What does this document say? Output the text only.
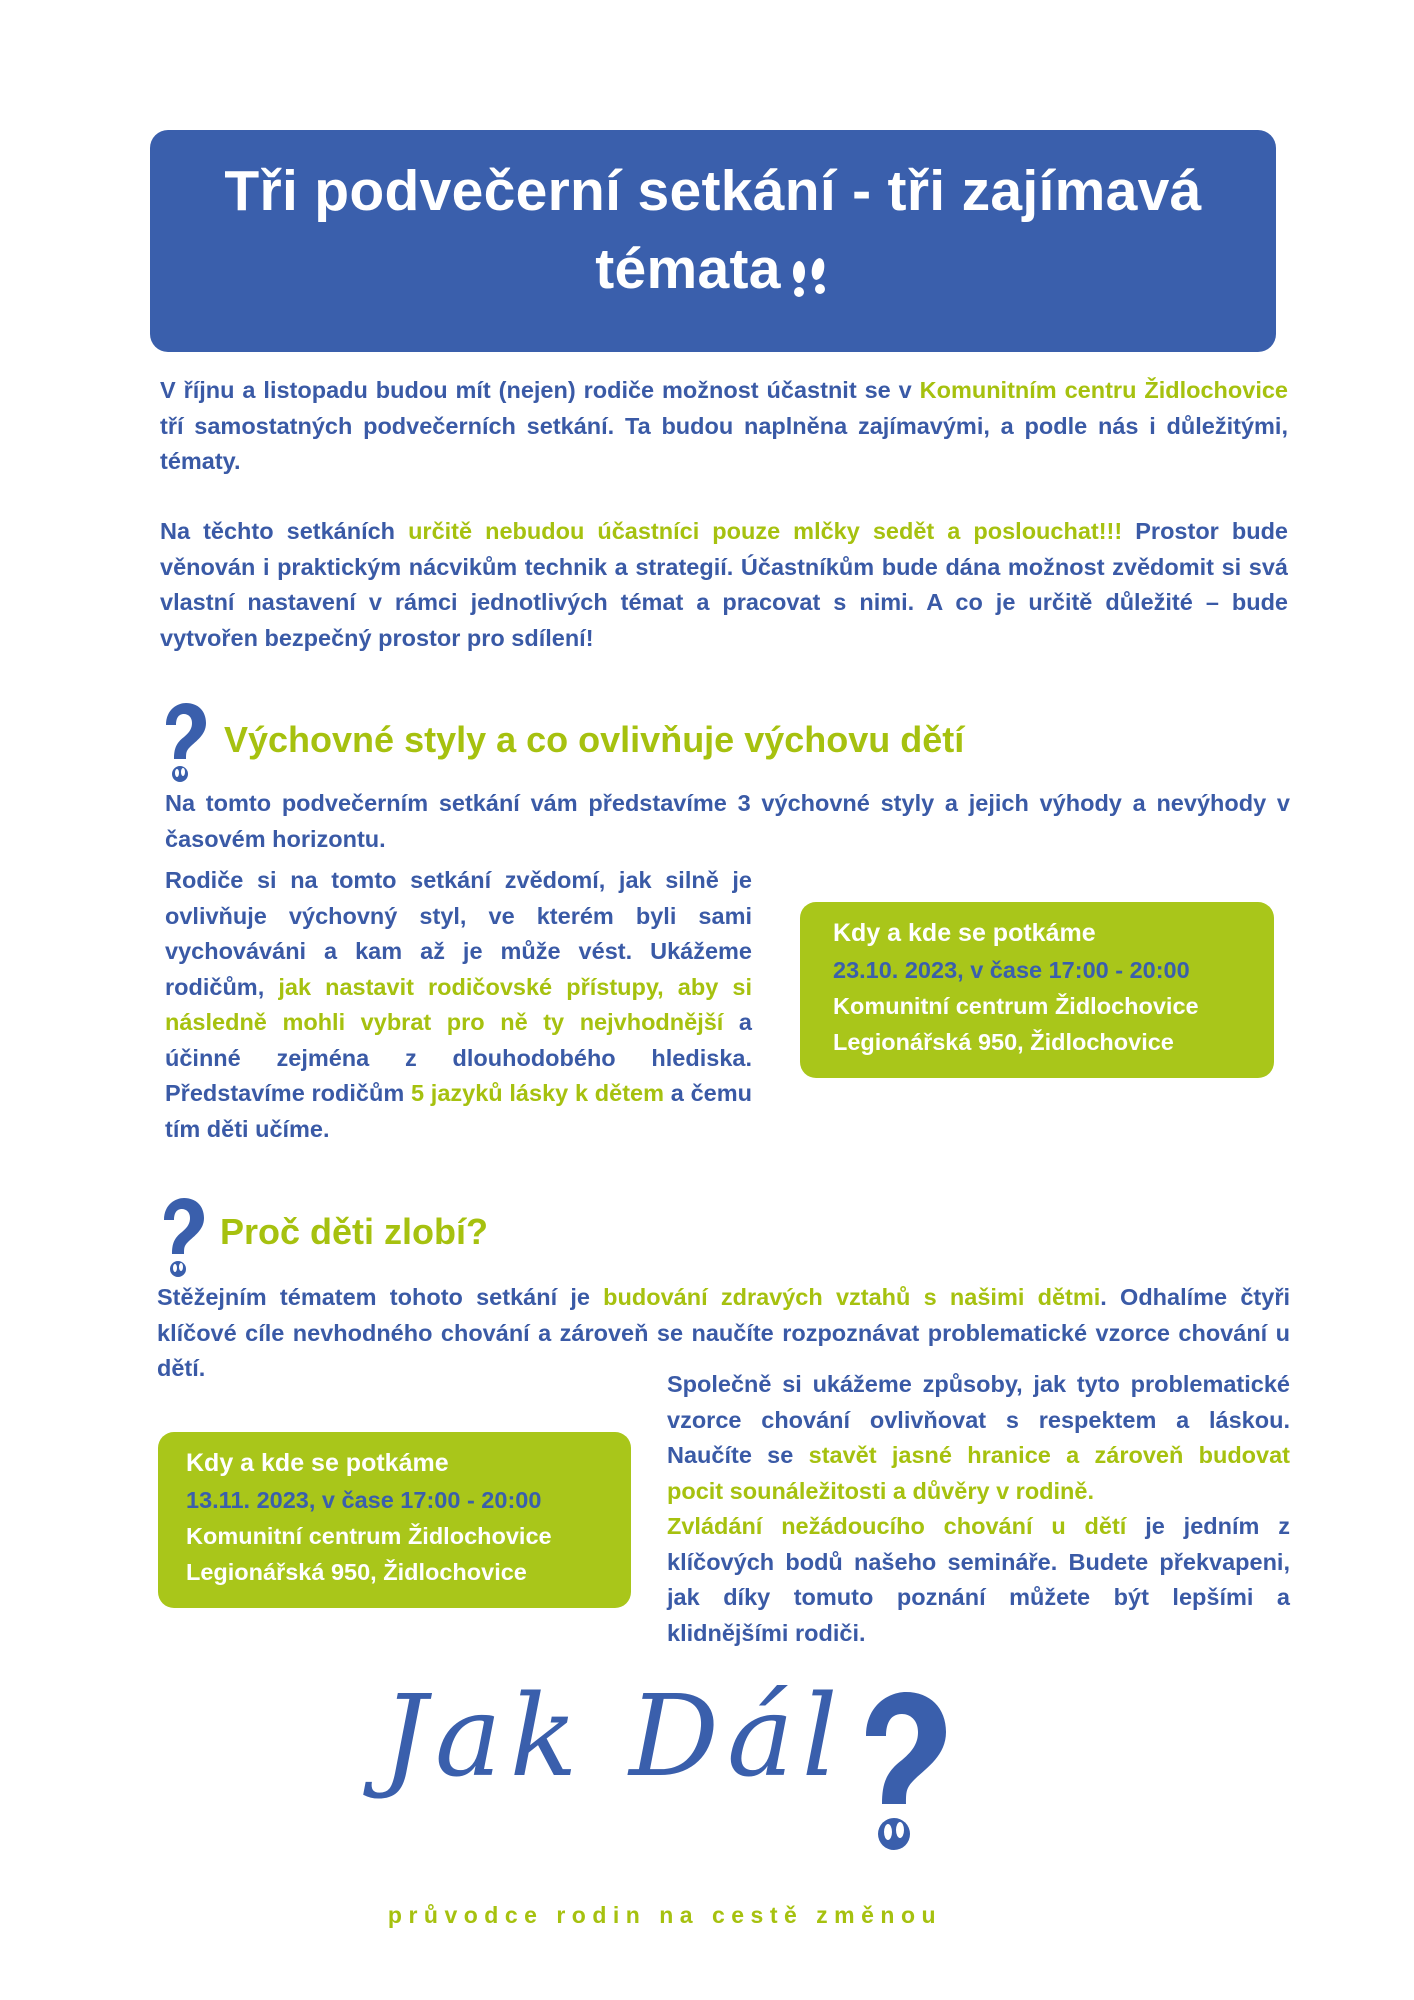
Tři podvečerní setkání - tři zajímavá
témata

V říjnu a listopadu budou mít (nejen) rodiče možnost účastnit se v Komunitním centru Židlochovice tří samostatných podvečerních setkání. Ta budou naplněna zajímavými, a podle nás i důležitými, tématy.

Na těchto setkáních určitě nebudou účastníci pouze mlčky sedět a poslouchat!!! Prostor bude věnován i praktickým nácvikům technik a strategií. Účastníkům bude dána možnost zvědomit si svá vlastní nastavení v rámci jednotlivých témat a pracovat s nimi. A co je určitě důležité – bude vytvořen bezpečný prostor pro sdílení!

Výchovné styly a co ovlivňuje výchovu dětí

Na tomto podvečerním setkání vám představíme 3 výchovné styly a jejich výhody a nevýhody v časovém horizontu.

Rodiče si na tomto setkání zvědomí, jak silně je ovlivňuje výchovný styl, ve kterém byli sami vychováváni a kam až je může vést. Ukážeme rodičům, jak nastavit rodičovské přístupy, aby si následně mohli vybrat pro ně ty nejvhodnější a účinné zejména z dlouhodobého hlediska. Představíme rodičům 5 jazyků lásky k dětem a čemu tím děti učíme.

Kdy a kde se potkáme
23.10. 2023, v čase 17:00 - 20:00
Komunitní centrum Židlochovice
Legionářská 950, Židlochovice
Proč děti zlobí?

Stěžejním tématem tohoto setkání je budování zdravých vztahů s našimi dětmi. Odhalíme čtyři klíčové cíle nevhodného chování a zároveň se naučíte rozpoznávat problematické vzorce chování u dětí.

Společně si ukážeme způsoby, jak tyto problematické vzorce chování ovlivňovat s respektem a láskou. Naučíte se stavět jasné hranice a zároveň budovat pocit sounáležitosti a důvěry v rodině.
Zvládání nežádoucího chování u dětí je jedním z klíčových bodů našeho semináře. Budete překvapeni, jak díky tomuto poznání můžete být lepšími a klidnějšími rodiči.

Kdy a kde se potkáme
13.11. 2023, v čase 17:00 - 20:00
Komunitní centrum Židlochovice
Legionářská 950, Židlochovice
Jak Dál
průvodce rodin na cestě změnou
